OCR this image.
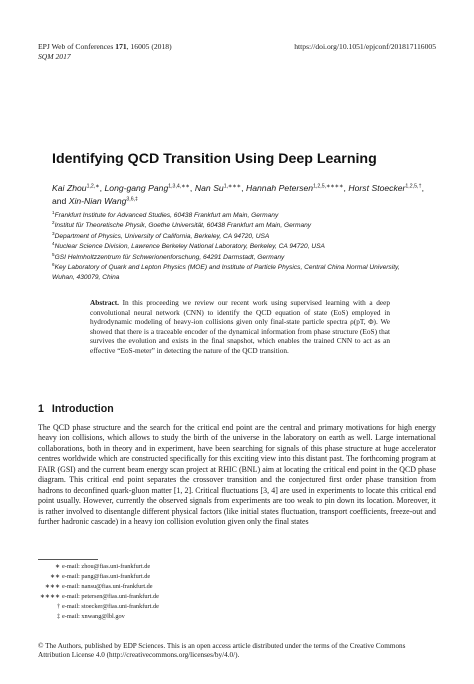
EPJ Web of Conferences 171, 16005 (2018)
SQM 2017
https://doi.org/10.1051/epjconf/201817116005
Identifying QCD Transition Using Deep Learning
Kai Zhou$^{1,2,∗}$, Long-gang Pang$^{1,3,4,∗∗}$, Nan $Su^{1,∗∗∗}$, Hannah Petersen$^{1,2,5,∗∗∗∗}$, Horst Stoecker$^{1,2,5,\dagger}$, and Xin-Nian Wang$^{3,6,\ddagger}$
$^1$Frankfurt Institute for Advanced Studies, 60438 Frankfurt am Main, Germany
$^2$Institut für Theoretische Physik, Goethe Universität, 60438 Frankfurt am Main, Germany
$^3$Department of Physics, University of California, Berkeley, CA 94720, USA
$^4$Nuclear Science Division, Lawrence Berkeley National Laboratory, Berkeley, CA 94720, USA
$^5$GSI Helmholtzzentrum für Schwerionenforschung, 64291 Darmstadt, Germany
$^6$Key Laboratory of Quark and Lepton Physics (MOE) and Institute of Particle Physics, Central China Normal University, Wuhan, 430079, China
Abstract. In this proceeding we review our recent work using supervised learning with a deep convolutional neural network (CNN) to identify the QCD equation of state (EoS) employed in hydrodynamic modeling of heavy-ion collisions given only final-state particle spectra ρ(pT, Φ). We showed that there is a traceable encoder of the dynamical information from phase structure (EoS) that survives the evolution and exists in the final snapshot, which enables the trained CNN to act as an effective “EoS-meter” in detecting the nature of the QCD transition.
1 Introduction
The QCD phase structure and the search for the critical end point are the central and primary motivations for high energy heavy ion collisions, which allows to study the birth of the universe in the laboratory on earth as well. Large international collaborations, both in theory and in experiment, have been searching for signals of this phase structure at huge accelerator centres worldwide which are constructed specifically for this exciting view into this distant past. The forthcoming program at FAIR (GSI) and the current beam energy scan project at RHIC (BNL) aim at locating the critical end point in the QCD phase diagram. This critical end point separates the crossover transition and the conjectured first order phase transition from hadrons to deconfined quark-gluon matter [1, 2]. Critical fluctuations [3, 4] are used in experiments to locate this critical end point usually. However, currently the observed signals from experiments are too weak to pin down its location. Moreover, it is rather involved to disentangle different physical factors (like initial states fluctuation, transport coefficients, freeze-out and further hadronic cascade) in a heavy ion collision evolution given only the final states
∗ e-mail: zhou@fias.uni-frankfurt.de
∗∗ e-mail: pang@fias.uni-frankfurt.de
∗∗∗ e-mail: nansu@fias.uni-frankfurt.de
∗∗∗∗ e-mail: petersen@fias.uni-frankfurt.de
† e-mail: stoecker@fias.uni-frankfurt.de
‡ e-mail: xnwang@lbl.gov
© The Authors, published by EDP Sciences. This is an open access article distributed under the terms of the Creative Commons Attribution License 4.0 (http://creativecommons.org/licenses/by/4.0/).
